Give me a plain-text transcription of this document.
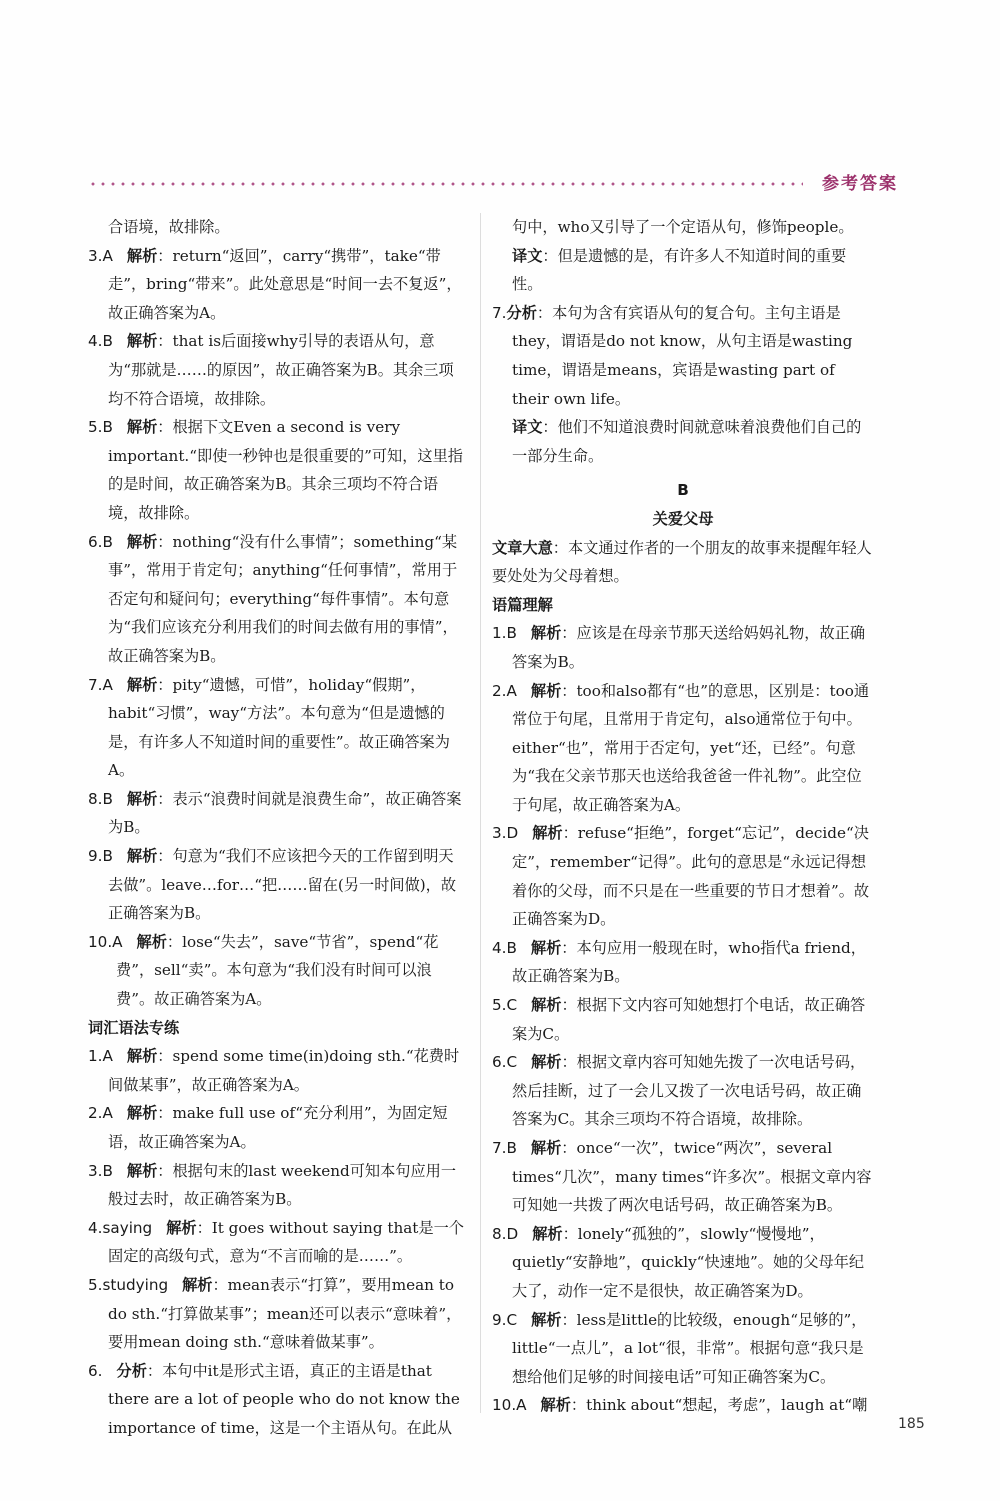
参考答案
合语境，故排除。
3.A 解析：return“返回”，carry“携带”，take“带走”，bring“带来”。此处意思是“时间一去不复返”，故正确答案为A。
4.B 解析：that is后面接why引导的表语从句，意为“那就是……的原因”，故正确答案为B。其余三项均不符合语境，故排除。
5.B 解析：根据下文Even a second is very important.“即使一秒钟也是很重要的”可知，这里指的是时间，故正确答案为B。其余三项均不符合语境，故排除。
6.B 解析：nothing“没有什么事情”；something“某事”，常用于肯定句；anything“任何事情”，常用于否定句和疑问句；everything“每件事情”。本句意为“我们应该充分利用我们的时间去做有用的事情”，故正确答案为B。
7.A 解析：pity“遗憾，可惜”，holiday“假期”，habit“习惯”，way“方法”。本句意为“但是遗憾的是，有许多人不知道时间的重要性”。故正确答案为A。
8.B 解析：表示“浪费时间就是浪费生命”，故正确答案为B。
9.B 解析：句意为“我们不应该把今天的工作留到明天去做”。leave…for…“把……留在(另一时间做)，故正确答案为B。
10.A 解析：lose“失去”，save“节省”，spend“花费”，sell“卖”。本句意为“我们没有时间可以浪费”。故正确答案为A。
词汇语法专练
1.A 解析：spend some time(in)doing sth.“花费时间做某事”，故正确答案为A。
2.A 解析：make full use of“充分利用”，为固定短语，故正确答案为A。
3.B 解析：根据句末的last weekend可知本句应用一般过去时，故正确答案为B。
4.saying 解析：It goes without saying that是一个固定的高级句式，意为“不言而喻的是……”。
5.studying 解析：mean表示“打算”，要用mean to do sth.“打算做某事”；mean还可以表示“意味着”，要用mean doing sth.“意味着做某事”。
6. 分析：本句中it是形式主语，真正的主语是that there are a lot of people who do not know the importance of time，这是一个主语从句。在此从
句中，who又引导了一个定语从句，修饰people。
译文：但是遗憾的是，有许多人不知道时间的重要性。
7.分析：本句为含有宾语从句的复合句。主句主语是they，谓语是do not know，从句主语是wasting time，谓语是means，宾语是wasting part of their own life。
译文：他们不知道浪费时间就意味着浪费他们自己的一部分生命。
B
关爱父母
文章大意：本文通过作者的一个朋友的故事来提醒年轻人要处处为父母着想。
语篇理解
1.B 解析：应该是在母亲节那天送给妈妈礼物，故正确答案为B。
2.A 解析：too和also都有“也”的意思，区别是：too通常位于句尾，且常用于肯定句，also通常位于句中。either“也”，常用于否定句，yet“还，已经”。句意为“我在父亲节那天也送给我爸爸一件礼物”。此空位于句尾，故正确答案为A。
3.D 解析：refuse“拒绝”，forget“忘记”，decide“决定”，remember“记得”。此句的意思是“永远记得想着你的父母，而不只是在一些重要的节日才想着”。故正确答案为D。
4.B 解析：本句应用一般现在时，who指代a friend，故正确答案为B。
5.C 解析：根据下文内容可知她想打个电话，故正确答案为C。
6.C 解析：根据文章内容可知她先拨了一次电话号码，然后挂断，过了一会儿又拨了一次电话号码，故正确答案为C。其余三项均不符合语境，故排除。
7.B 解析：once“一次”，twice“两次”，several times“几次”，many times“许多次”。根据文章内容可知她一共拨了两次电话号码，故正确答案为B。
8.D 解析：lonely“孤独的”，slowly“慢慢地”，quietly“安静地”，quickly“快速地”。她的父母年纪大了，动作一定不是很快，故正确答案为D。
9.C 解析：less是little的比较级，enough“足够的”，little“一点儿”，a lot“很，非常”。根据句意“我只是想给他们足够的时间接电话”可知正确答案为C。
10.A 解析：think about“想起，考虑”，laugh at“嘲
185
